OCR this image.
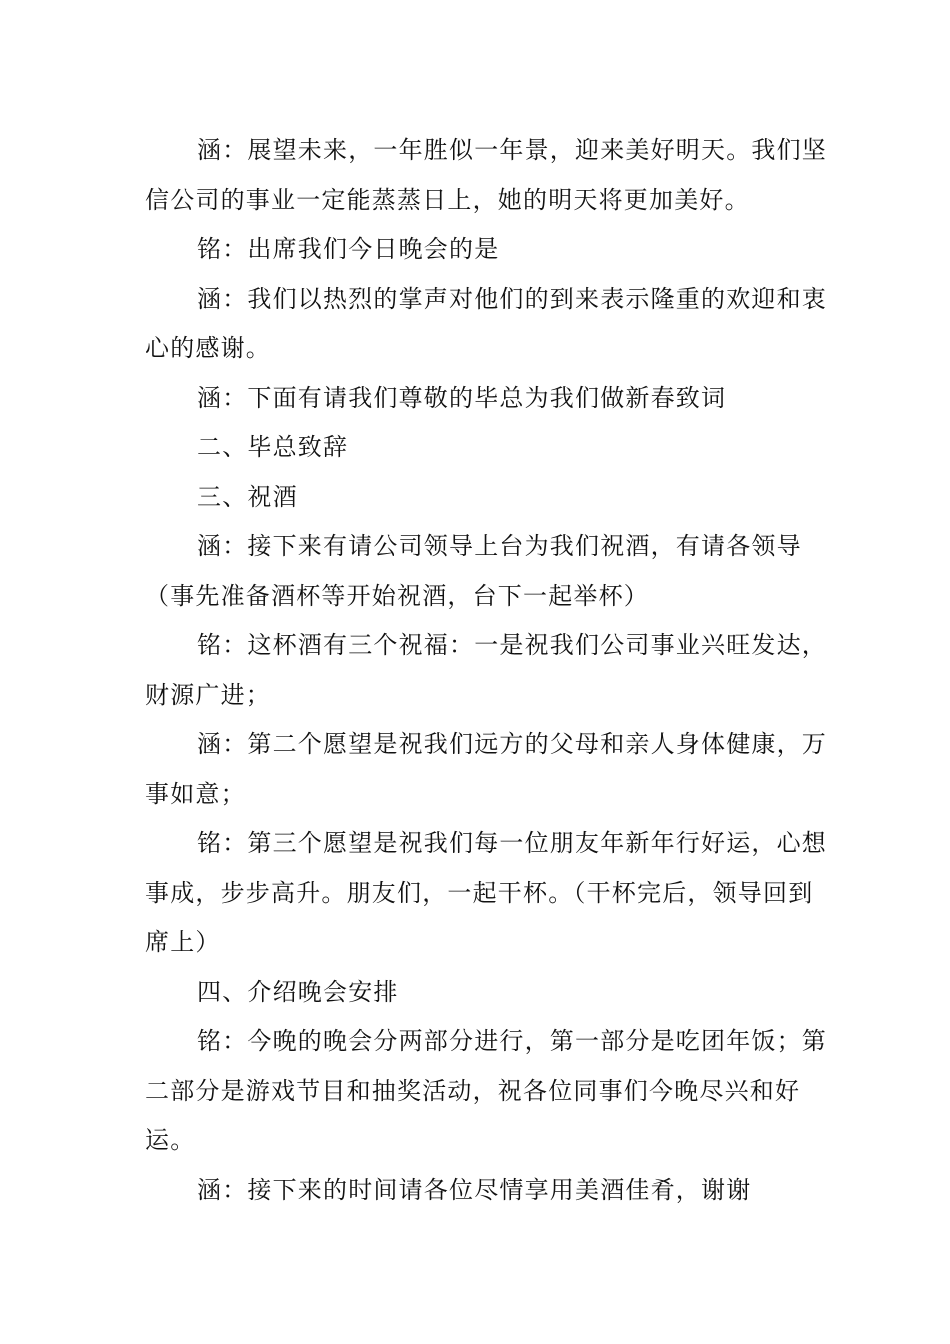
涵：展望未来，一年胜似一年景，迎来美好明天。我们坚信公司的事业一定能蒸蒸日上，她的明天将更加美好。

铭：出席我们今日晚会的是

涵：我们以热烈的掌声对他们的到来表示隆重的欢迎和衷心的感谢。

涵：下面有请我们尊敬的毕总为我们做新春致词

二、毕总致辞

三、祝酒

涵：接下来有请公司领导上台为我们祝酒，有请各领导（事先准备酒杯等开始祝酒，台下一起举杯）

铭：这杯酒有三个祝福：一是祝我们公司事业兴旺发达，财源广进；

涵：第二个愿望是祝我们远方的父母和亲人身体健康，万事如意；

铭：第三个愿望是祝我们每一位朋友年新年行好运，心想事成，步步高升。朋友们，一起干杯。（干杯完后，领导回到席上）

四、介绍晚会安排

铭：今晚的晚会分两部分进行，第一部分是吃团年饭；第二部分是游戏节目和抽奖活动，祝各位同事们今晚尽兴和好运。

涵：接下来的时间请各位尽情享用美酒佳肴，谢谢
